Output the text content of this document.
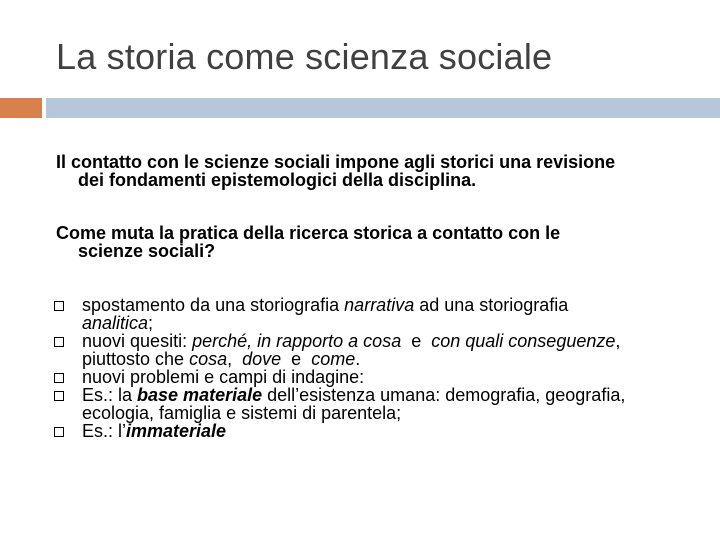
La storia come scienza sociale
Il contatto con le scienze sociali impone agli storici una revisione
dei fondamenti epistemologici della disciplina.
Come muta la pratica della ricerca storica a contatto con le
scienze sociali?
spostamento da una storiografia narrativa ad una storiografia
analitica;
nuovi quesiti: perché, in rapporto a cosa  e  con quali conseguenze,
piuttosto che cosa,  dove  e  come.
nuovi problemi e campi di indagine:
Es.: la base materiale dell’esistenza umana: demografia, geografia,
ecologia, famiglia e sistemi di parentela;
Es.: l’immateriale
